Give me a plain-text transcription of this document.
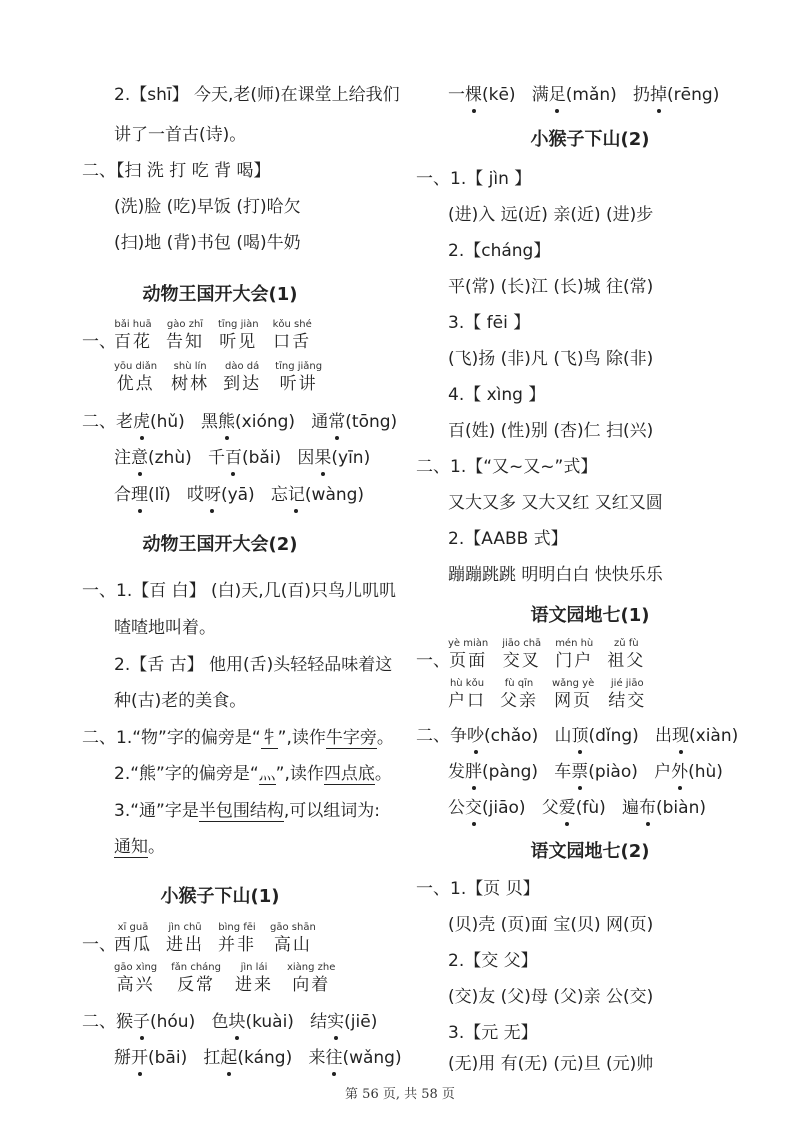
2.【shī】 今天,老(师)在课堂上给我们
讲了一首古(诗)。
二、【扫 洗 打 吃 背 喝】
(洗)脸 (吃)早饭 (打)哈欠
(扫)地 (背)书包 (喝)牛奶
动物王国开大会(1)
一、
bǎi huā
百花
gào zhī
告知
tīng jiàn
听见
kǒu shé
口舌
yōu diǎn
优点
shù lín
树林
dào dá
到达
tīng jiǎng
听讲
二、老虎(hǔ) 黑熊(xióng) 通常(tōng)
注意(zhù) 千百(bǎi) 因果(yīn)
合理(lǐ) 哎呀(yā) 忘记(wàng)
动物王国开大会(2)
一、1.【百 白】 (白)天,几(百)只鸟儿叽叽
喳喳地叫着。
2.【舌 古】 他用(舌)头轻轻品味着这
种(古)老的美食。
二、1.“物”字的偏旁是“牜”,读作牛字旁。
2.“熊”字的偏旁是“灬”,读作四点底。
3.“通”字是半包围结构,可以组词为:
通知。
小猴子下山(1)
一、
xī guā
西瓜
jìn chū
进出
bìng fēi
并非
gāo shān
高山
gāo xìng
高兴
fǎn cháng
反常
jìn lái
进来
xiàng zhe
向着
二、猴子(hóu) 色块(kuài) 结实(jiē)
掰开(bāi) 扛起(káng) 来往(wǎng)
一棵(kē) 满足(mǎn) 扔掉(rēng)
小猴子下山(2)
一、1.【 jìn 】
(进)入 远(近) 亲(近) (进)步
2.【cháng】
平(常) (长)江 (长)城 往(常)
3.【 fēi 】
(飞)扬 (非)凡 (飞)鸟 除(非)
4.【 xìng 】
百(姓) (性)别 (杏)仁 扫(兴)
二、1.【“又~又~”式】
又大又多 又大又红 又红又圆
2.【AABB 式】
蹦蹦跳跳 明明白白 快快乐乐
语文园地七(1)
一、
yè miàn
页面
jiāo chā
交叉
mén hù
门户
zǔ fù
祖父
hù kǒu
户口
fù qīn
父亲
wǎng yè
网页
jié jiāo
结交
二、争吵(chǎo) 山顶(dǐng) 出现(xiàn)
发胖(pàng) 车票(piào) 户外(hù)
公交(jiāo) 父爱(fù) 遍布(biàn)
语文园地七(2)
一、1.【页 贝】
(贝)壳 (页)面 宝(贝) 网(页)
2.【交 父】
(交)友 (父)母 (父)亲 公(交)
3.【元 无】
(无)用 有(无) (元)旦 (元)帅
第 56 页, 共 58 页
